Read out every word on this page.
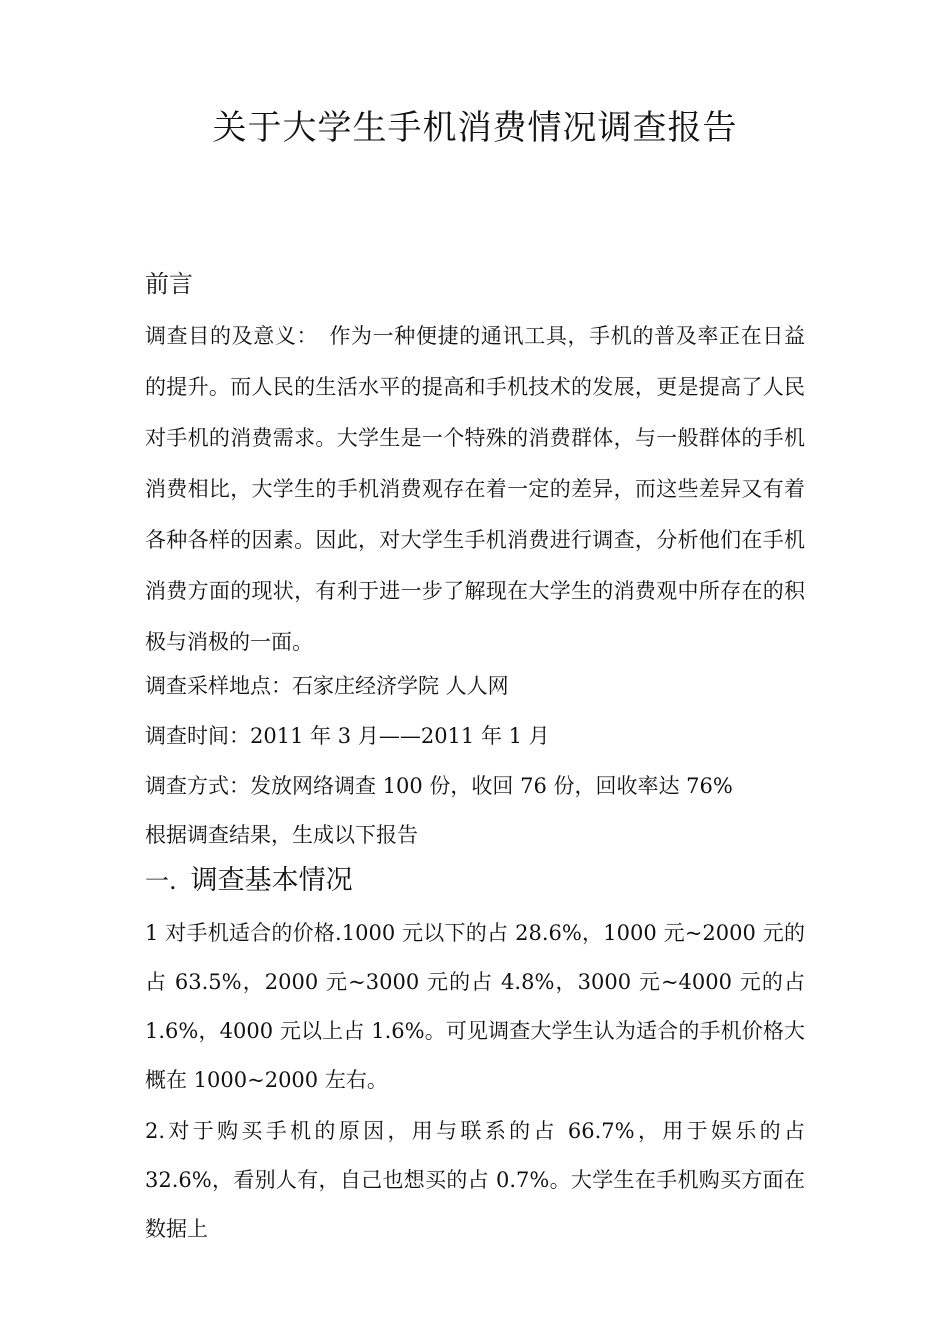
关于大学生手机消费情况调查报告
前言
调查目的及意义：　作为一种便捷的通讯工具，手机的普及率正在日益的提升。而人民的生活水平的提高和手机技术的发展，更是提高了人民对手机的消费需求。大学生是一个特殊的消费群体，与一般群体的手机消费相比，大学生的手机消费观存在着一定的差异，而这些差异又有着各种各样的因素。因此，对大学生手机消费进行调查，分析他们在手机消费方面的现状，有利于进一步了解现在大学生的消费观中所存在的积极与消极的一面。
调查采样地点：石家庄经济学院 人人网
调查时间：2011 年 3 月——2011 年 1 月
调查方式：发放网络调查 100 份，收回 76 份，回收率达 76%
根据调查结果，生成以下报告
一. 调查基本情况
1 对手机适合的价格.1000 元以下的占 28.6%，1000 元~2000 元的占 63.5%，2000 元~3000 元的占 4.8%，3000 元~4000 元的占 1.6%，4000 元以上占 1.6%。可见调查大学生认为适合的手机价格大概在 1000~2000 左右。
2.对于购买手机的原因，用与联系的占 66.7%，用于娱乐的占 32.6%，看别人有，自己也想买的占 0.7%。大学生在手机购买方面在数据上
